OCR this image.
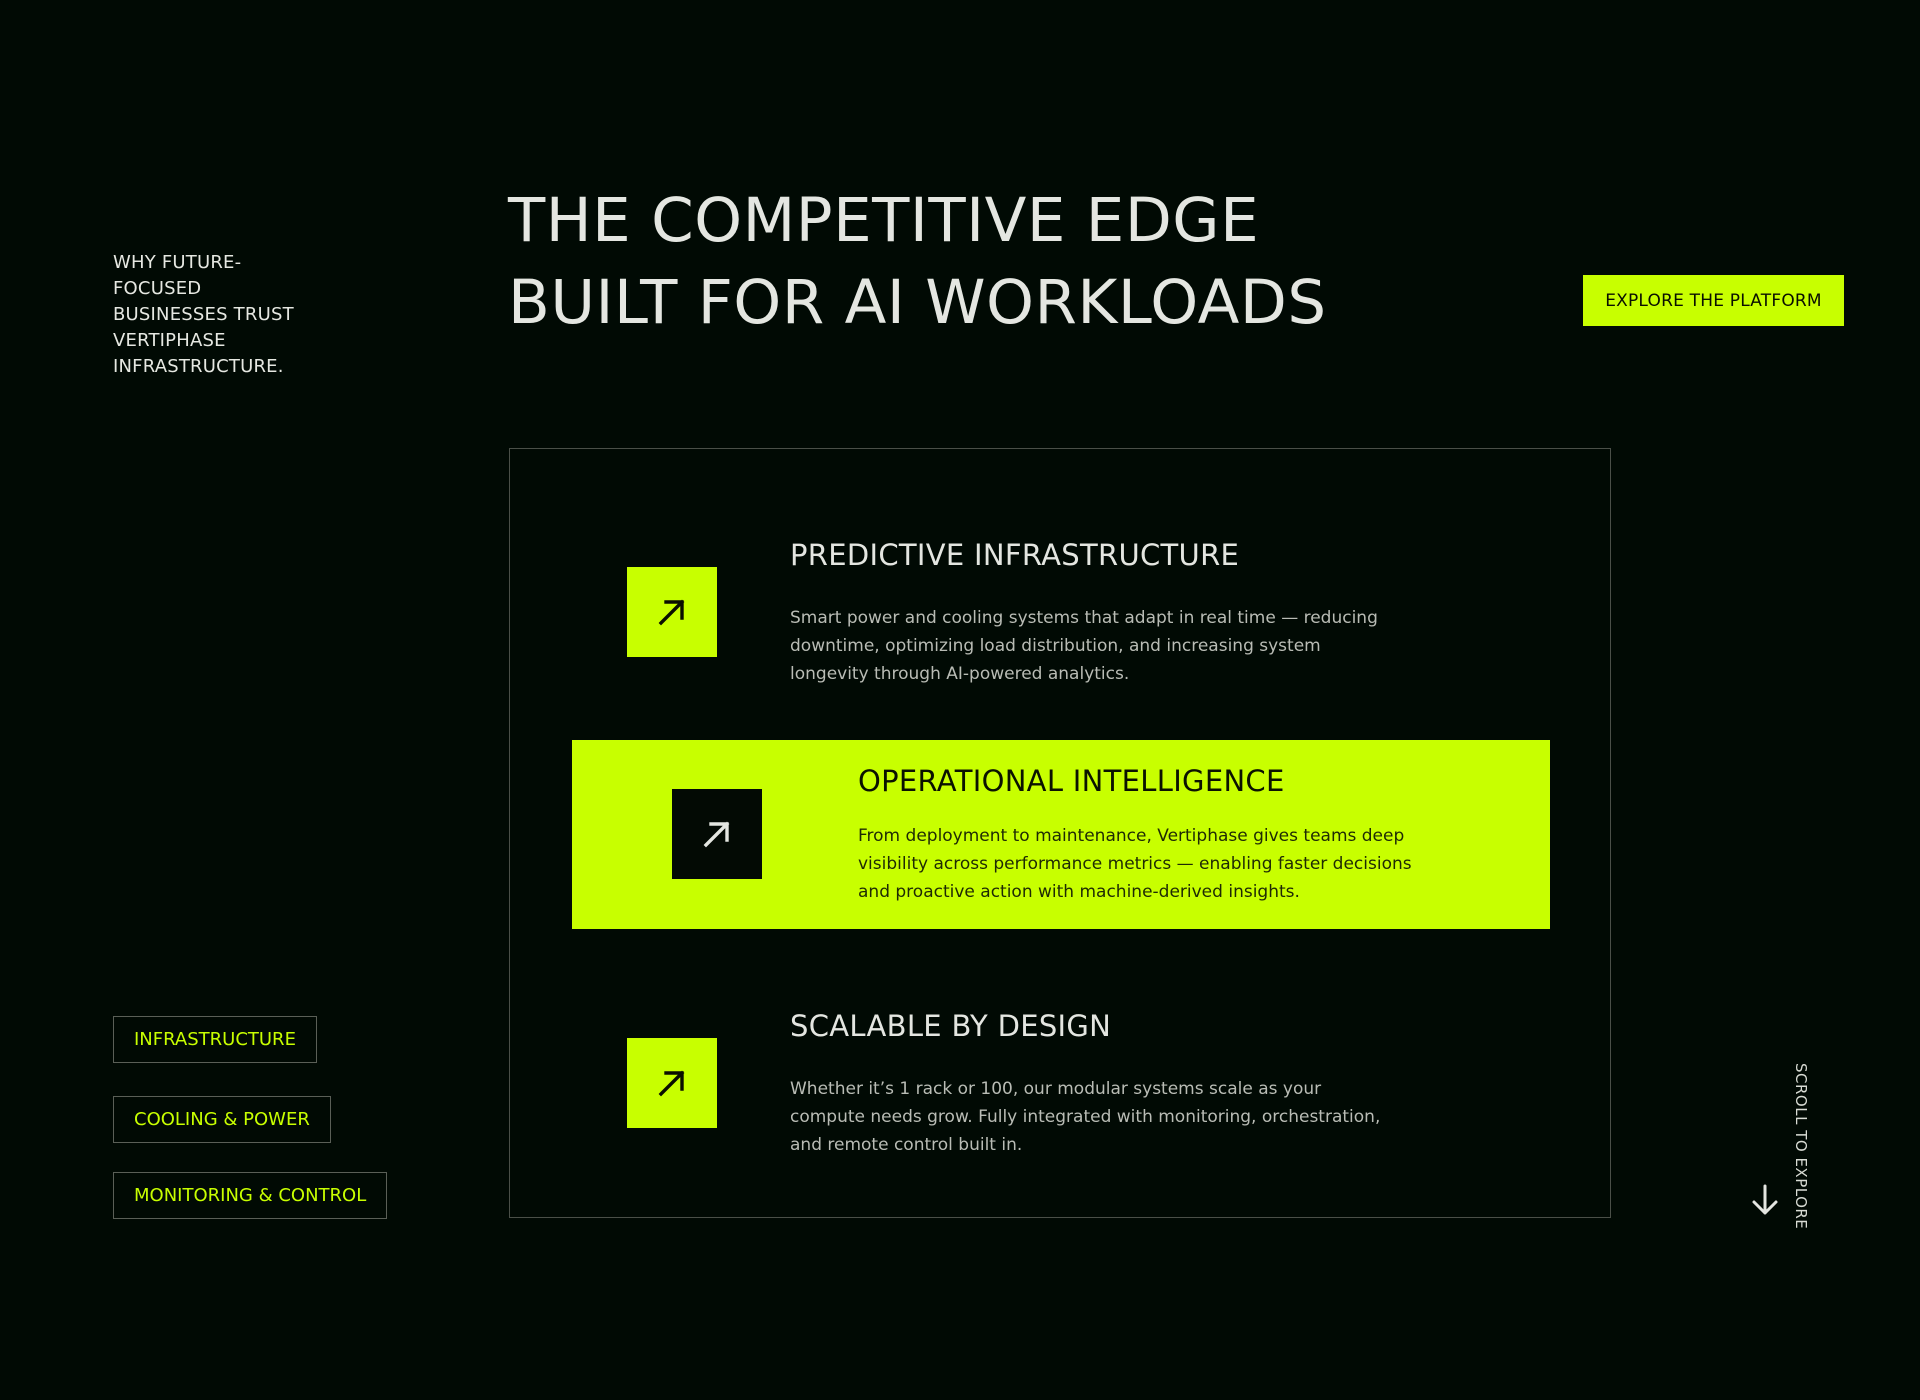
WHY FUTURE-FOCUSED BUSINESSES TRUST VERTIPHASE INFRASTRUCTURE.

THE COMPETITIVE EDGE
BUILT FOR AI WORKLOADS	EXPLORE THE PLATFORM
PREDICTIVE INFRASTRUCTURE

Smart power and cooling systems that adapt in real time — reducing downtime, optimizing load distribution, and increasing system longevity through AI-powered analytics.

OPERATIONAL INTELLIGENCE

From deployment to maintenance, Vertiphase gives teams deep visibility across performance metrics — enabling faster decisions and proactive action with machine-derived insights.

SCALABLE BY DESIGN

Whether it’s 1 rack or 100, our modular systems scale as your compute needs grow. Fully integrated with monitoring, orchestration, and remote control built in.

INFRASTRUCTURE
COOLING & POWER
MONITORING & CONTROL	SCROLL TO EXPLORE
